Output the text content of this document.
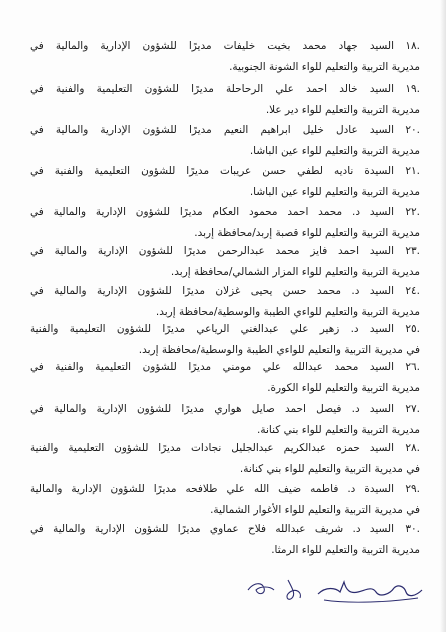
.١٨السيد جهاد محمد بخيت خليفات مديرًا للشؤون الإدارية والمالية في
مديرية التربية والتعليم للواء الشونة الجنوبية.
.١٩السيد خالد احمد علي الرحاحلة مديرًا للشؤون التعليمية والفنية في
مديرية التربية والتعليم للواء دير علا.
.٢٠السيد عادل خليل ابراهيم النعيم مديرًا للشؤون الإدارية والمالية في
مديرية التربية والتعليم للواء عين الباشا.
.٢١السيدة ناديه لطفي حسن عريبات مديرًا للشؤون التعليمية والفنية في
مديرية التربية والتعليم للواء عين الباشا.
.٢٢السيد د. محمد احمد محمود العكام مديرًا للشؤون الإدارية والمالية في
مديرية التربية والتعليم للواء قصبة إربد/محافظة إربد.
.٢٣السيد احمد فايز محمد عبدالرحمن مديرًا للشؤون الإدارية والمالية في
مديرية التربية والتعليم للواء المزار الشمالي/محافظة إربد.
.٢٤السيد د. محمد حسن يحيى غزلان مديرًا للشؤون الإدارية والمالية في
مديرية التربية والتعليم للواءي الطيبة والوسطية/محافظة إربد.
.٢٥السيد د. زهير علي عبدالغني الرياعي مديرًا للشؤون التعليمية والفنية
في مديرية التربية والتعليم للواءي الطيبة والوسطية/محافظة إربد.
.٢٦السيد محمد عبدالله علي مومني مديرًا للشؤون التعليمية والفنية في
مديرية التربية والتعليم للواء الكورة.
.٢٧السيد د. فيصل احمد صايل هواري مديرًا للشؤون الإدارية والمالية في
مديرية التربية والتعليم للواء بني كنانة.
.٢٨السيد حمزه عبدالكريم عبدالجليل نجادات مديرًا للشؤون التعليمية والفنية
في مديرية التربية والتعليم للواء بني كنانة.
.٢٩السيدة د. فاطمه ضيف الله علي طلافحه مديرًا للشؤون الإدارية والمالية
في مديرية التربية والتعليم للواء الأغوار الشمالية.
.٣٠السيد د. شريف عبدالله فلاح عماوي مديرًا للشؤون الإدارية والمالية في
مديرية التربية والتعليم للواء الرمثا.
